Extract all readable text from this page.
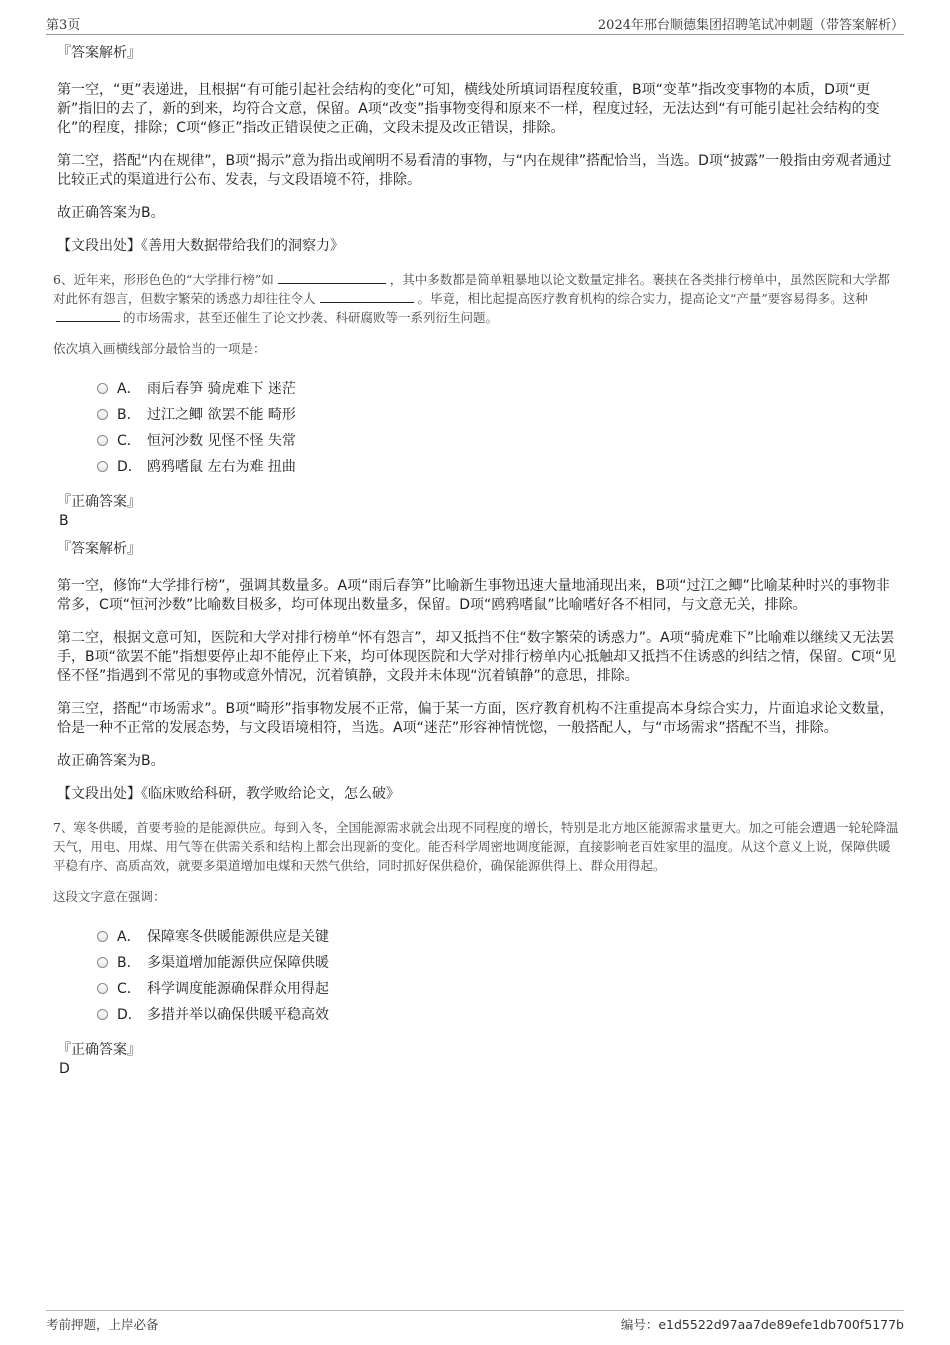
第3页	2024年邢台顺德集团招聘笔试冲刺题（带答案解析）
『答案解析』

第一空，“更”表递进，且根据“有可能引起社会结构的变化”可知，横线处所填词语程度较重，B项“变革”指改变事物的本质，D项“更新”指旧的去了，新的到来，均符合文意，保留。A项“改变”指事物变得和原来不一样，程度过轻，无法达到“有可能引起社会结构的变化”的程度，排除；C项“修正”指改正错误使之正确，文段未提及改正错误，排除。

第二空，搭配“内在规律”，B项“揭示”意为指出或阐明不易看清的事物，与“内在规律”搭配恰当，当选。D项“披露”一般指由旁观者通过比较正式的渠道进行公布、发表，与文段语境不符，排除。

故正确答案为B。

【文段出处】《善用大数据带给我们的洞察力》

6、近年来，形形色色的“大学排行榜”如	，其中多数都是简单粗暴地以论文数量定排名。裹挟在各类排行榜单中，虽然医院和大学都对此怀有怨言，但数字繁荣的诱惑力却往往令人	。毕竟，相比起提高医疗教育机构的综合实力，提高论文“产量”要容易得多。这种的市场需求，甚至还催生了论文抄袭、科研腐败等一系列衍生问题。

依次填入画横线部分最恰当的一项是：
A． 雨后春笋 骑虎难下 迷茫
B． 过江之鲫 欲罢不能 畸形
C． 恒河沙数 见怪不怪 失常
D． 鸥鸦嗜鼠 左右为难 扭曲
『正确答案』
B
『答案解析』

第一空，修饰“大学排行榜”，强调其数量多。A项“雨后春笋”比喻新生事物迅速大量地涌现出来，B项“过江之鲫”比喻某种时兴的事物非常多，C项“恒河沙数”比喻数目极多，均可体现出数量多，保留。D项“鸥鸦嗜鼠”比喻嗜好各不相同，与文意无关，排除。

第二空，根据文意可知，医院和大学对排行榜单“怀有怨言”，却又抵挡不住“数字繁荣的诱惑力”。A项“骑虎难下”比喻难以继续又无法罢手，B项“欲罢不能”指想要停止却不能停止下来，均可体现医院和大学对排行榜单内心抵触却又抵挡不住诱惑的纠结之情，保留。C项“见怪不怪”指遇到不常见的事物或意外情况，沉着镇静，文段并未体现“沉着镇静”的意思，排除。

第三空，搭配“市场需求”。B项“畸形”指事物发展不正常，偏于某一方面，医疗教育机构不注重提高本身综合实力，片面追求论文数量，恰是一种不正常的发展态势，与文段语境相符，当选。A项“迷茫”形容神情恍惚，一般搭配人，与“市场需求”搭配不当，排除。

故正确答案为B。

【文段出处】《临床败给科研，教学败给论文，怎么破》

7、寒冬供暖，首要考验的是能源供应。每到入冬，全国能源需求就会出现不同程度的增长，特别是北方地区能源需求量更大。加之可能会遭遇一轮轮降温天气，用电、用煤、用气等在供需关系和结构上都会出现新的变化。能否科学周密地调度能源，直接影响老百姓家里的温度。从这个意义上说，保障供暖平稳有序、高质高效，就要多渠道增加电煤和天然气供给，同时抓好保供稳价，确保能源供得上、群众用得起。

这段文字意在强调：
A． 保障寒冬供暖能源供应是关键
B． 多渠道增加能源供应保障供暖
C． 科学调度能源确保群众用得起
D． 多措并举以确保供暖平稳高效
『正确答案』
D
考前押题，上岸必备	编号：e1d5522d97aa7de89efe1db700f5177b
